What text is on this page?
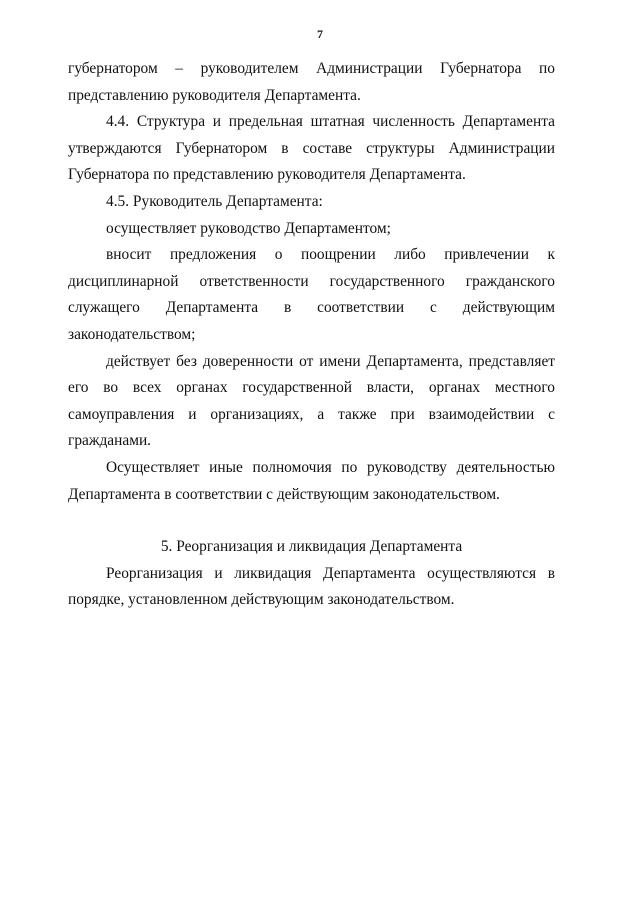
7

губернатором – руководителем Администрации Губернатора по представлению руководителя Департамента.

4.4. Структура и предельная штатная численность Департамента утверждаются Губернатором в составе структуры Администрации Губернатора по представлению руководителя Департамента.

4.5. Руководитель Департамента:

осуществляет руководство Департаментом;

вносит предложения о поощрении либо привлечении к дисциплинарной ответственности государственного гражданского служащего Департамента в соответствии с действующим законодательством;

действует без доверенности от имени Департамента, представляет его во всех органах государственной власти, органах местного самоуправления и организациях, а также при взаимодействии с гражданами.

Осуществляет иные полномочия по руководству деятельностью Департамента в соответствии с действующим законодательством.

5. Реорганизация и ликвидация Департамента

Реорганизация и ликвидация Департамента осуществляются в порядке, установленном действующим законодательством.
